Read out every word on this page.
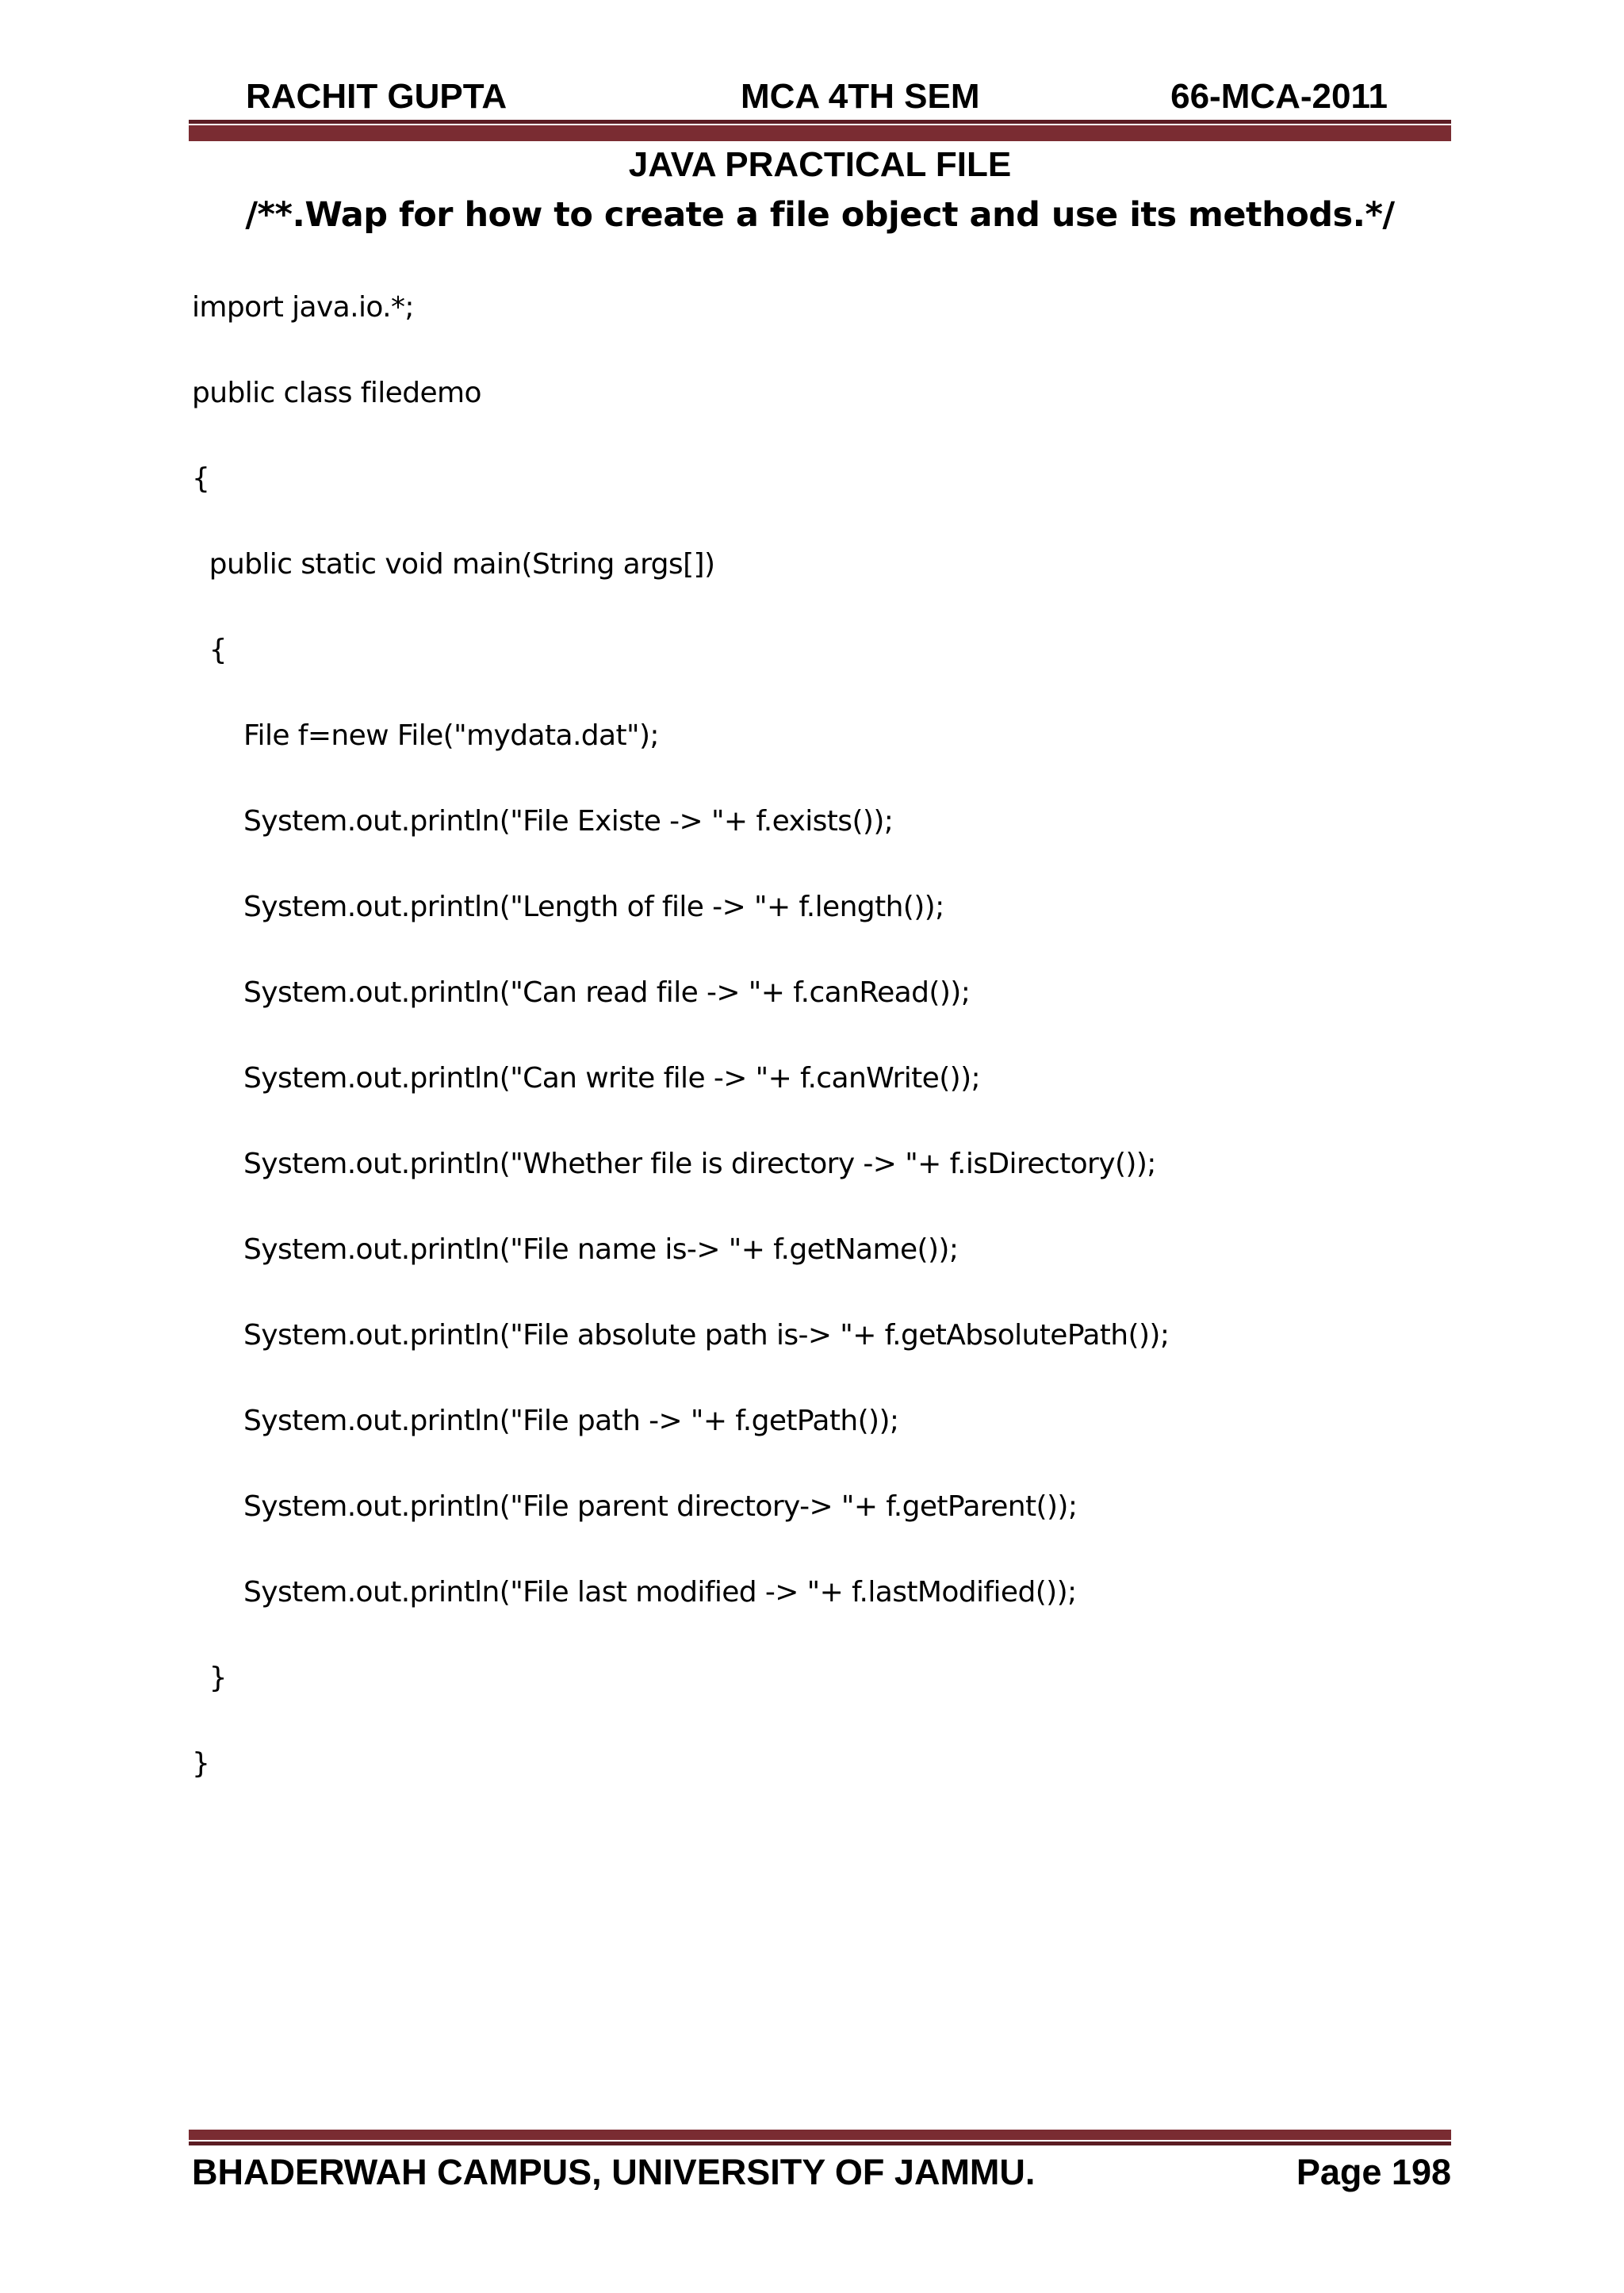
RACHIT GUPTA	MCA 4TH SEM	66-MCA-2011
JAVA PRACTICAL FILE
/**.Wap for how to create a file object and use its methods.*/
import java.io.*;
public class filedemo
{
public static void main(String args[])
{
File f=new File("mydata.dat");
System.out.println("File Existe -> "+ f.exists());
System.out.println("Length of file -> "+ f.length());
System.out.println("Can read file -> "+ f.canRead());
System.out.println("Can write file -> "+ f.canWrite());
System.out.println("Whether file is directory -> "+ f.isDirectory());
System.out.println("File name is-> "+ f.getName());
System.out.println("File absolute path is-> "+ f.getAbsolutePath());
System.out.println("File path -> "+ f.getPath());
System.out.println("File parent directory-> "+ f.getParent());
System.out.println("File last modified -> "+ f.lastModified());
}
}
BHADERWAH CAMPUS, UNIVERSITY OF JAMMU.	Page 198
